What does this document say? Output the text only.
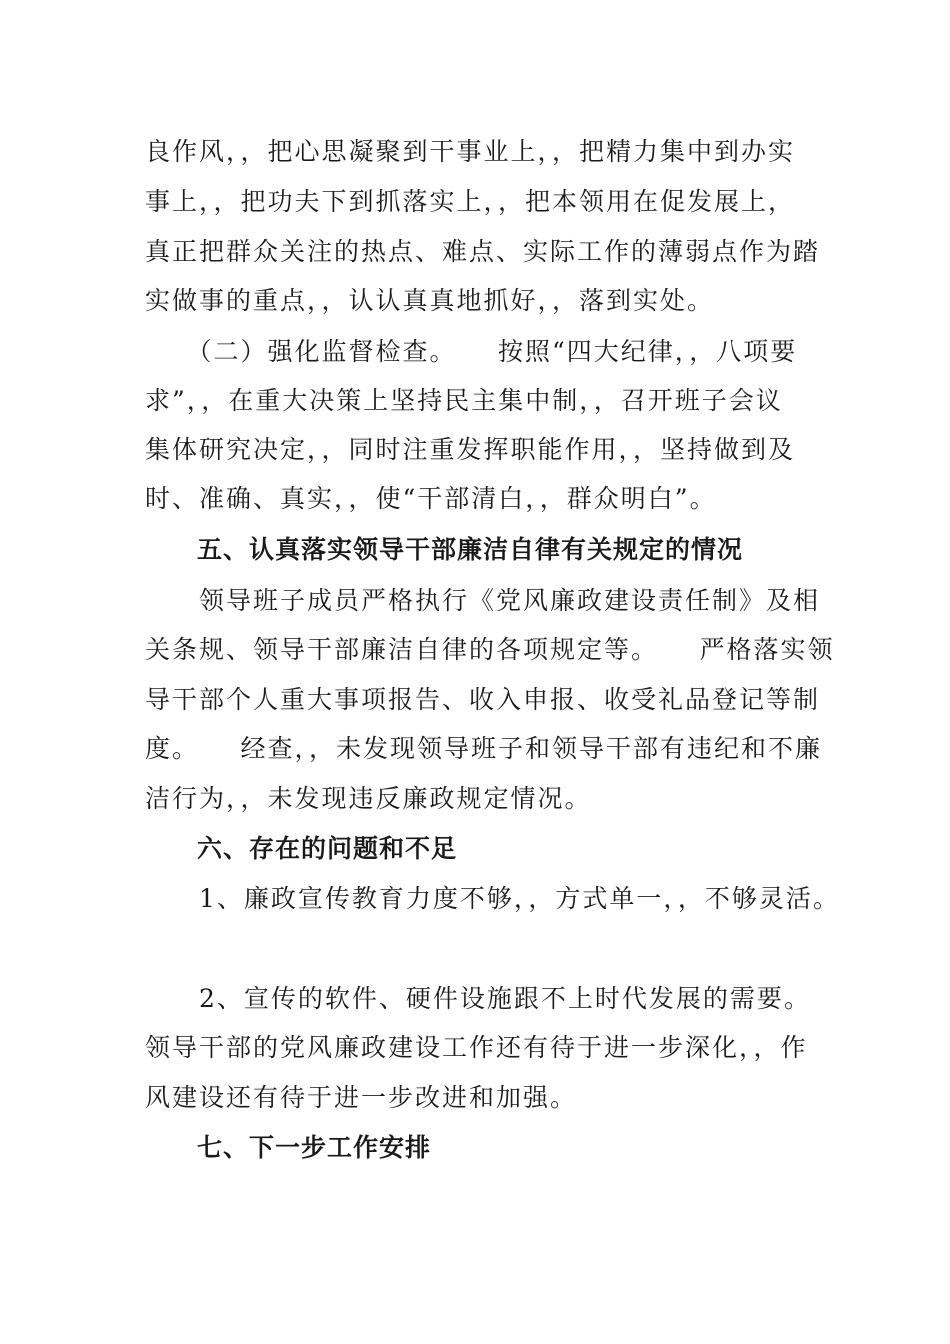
良作风，，把心思凝聚到干事业上，，把精力集中到办实
事上，，把功夫下到抓落实上，，把本领用在促发展上，
真正把群众关注的热点、难点、实际工作的薄弱点作为踏
实做事的重点，，认认真真地抓好，，落到实处。
　　（二）强化监督检查。　　按照“四大纪律，，八项要
求”，，在重大决策上坚持民主集中制，，召开班子会议
集体研究决定，，同时注重发挥职能作用，，坚持做到及
时、准确、真实，，使“干部清白，，群众明白”。
　　五、认真落实领导干部廉洁自律有关规定的情况
　　领导班子成员严格执行《党风廉政建设责任制》及相
关条规、领导干部廉洁自律的各项规定等。　　严格落实领
导干部个人重大事项报告、收入申报、收受礼品登记等制
度。　　经查，，未发现领导班子和领导干部有违纪和不廉
洁行为，，未发现违反廉政规定情况。
　　六、存在的问题和不足
　　1、廉政宣传教育力度不够，，方式单一，，不够灵活。
　　2、宣传的软件、硬件设施跟不上时代发展的需要。
领导干部的党风廉政建设工作还有待于进一步深化，，作
风建设还有待于进一步改进和加强。
　　七、下一步工作安排
